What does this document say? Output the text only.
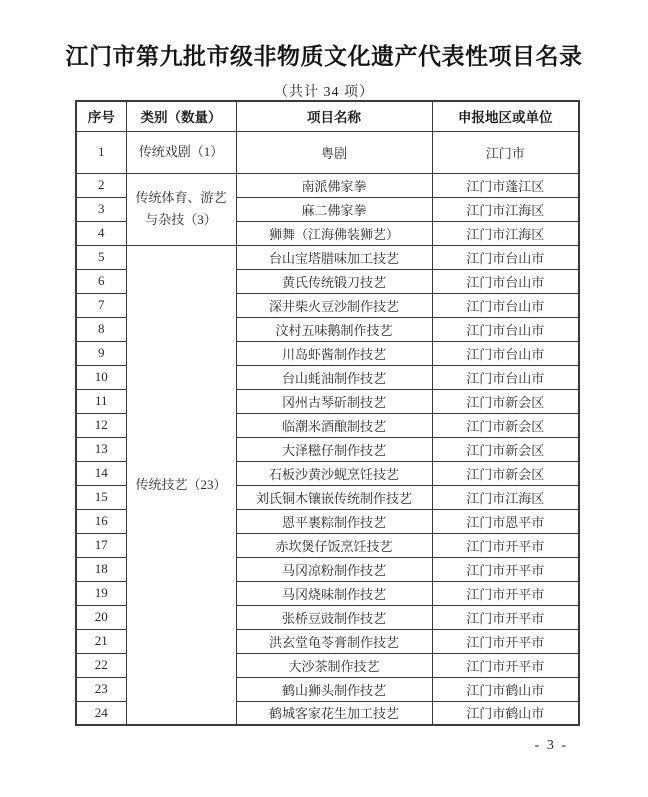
江门市第九批市级非物质文化遗产代表性项目名录
（共计 34 项）
序号	类别（数量）	项目名称	申报地区或单位
1	传统戏剧（1）	粤剧	江门市
2	传统体育、游艺与杂技（3）	南派佛家拳	江门市蓬江区
3		麻二佛家拳	江门市江海区
4		狮舞（江海佛装狮艺）	江门市江海区
5	传统技艺（23）	台山宝塔腊味加工技艺	江门市台山市
6		黄氏传统锻刀技艺	江门市台山市
7		深井柴火豆沙制作技艺	江门市台山市
8		汶村五味鹅制作技艺	江门市台山市
9		川岛虾酱制作技艺	江门市台山市
10		台山蚝油制作技艺	江门市台山市
11		冈州古琴斫制技艺	江门市新会区
12		临潮米酒酿制技艺	江门市新会区
13		大泽糍仔制作技艺	江门市新会区
14		石板沙黄沙蚬烹饪技艺	江门市新会区
15		刘氏铜木镶嵌传统制作技艺	江门市江海区
16		恩平裹粽制作技艺	江门市恩平市
17		赤坎煲仔饭烹饪技艺	江门市开平市
18		马冈凉粉制作技艺	江门市开平市
19		马冈烧味制作技艺	江门市开平市
20		张桥豆豉制作技艺	江门市开平市
21		洪玄堂龟苓膏制作技艺	江门市开平市
22		大沙茶制作技艺	江门市开平市
23		鹤山狮头制作技艺	江门市鹤山市
24		鹤城客家花生加工技艺	江门市鹤山市
- 3 -
